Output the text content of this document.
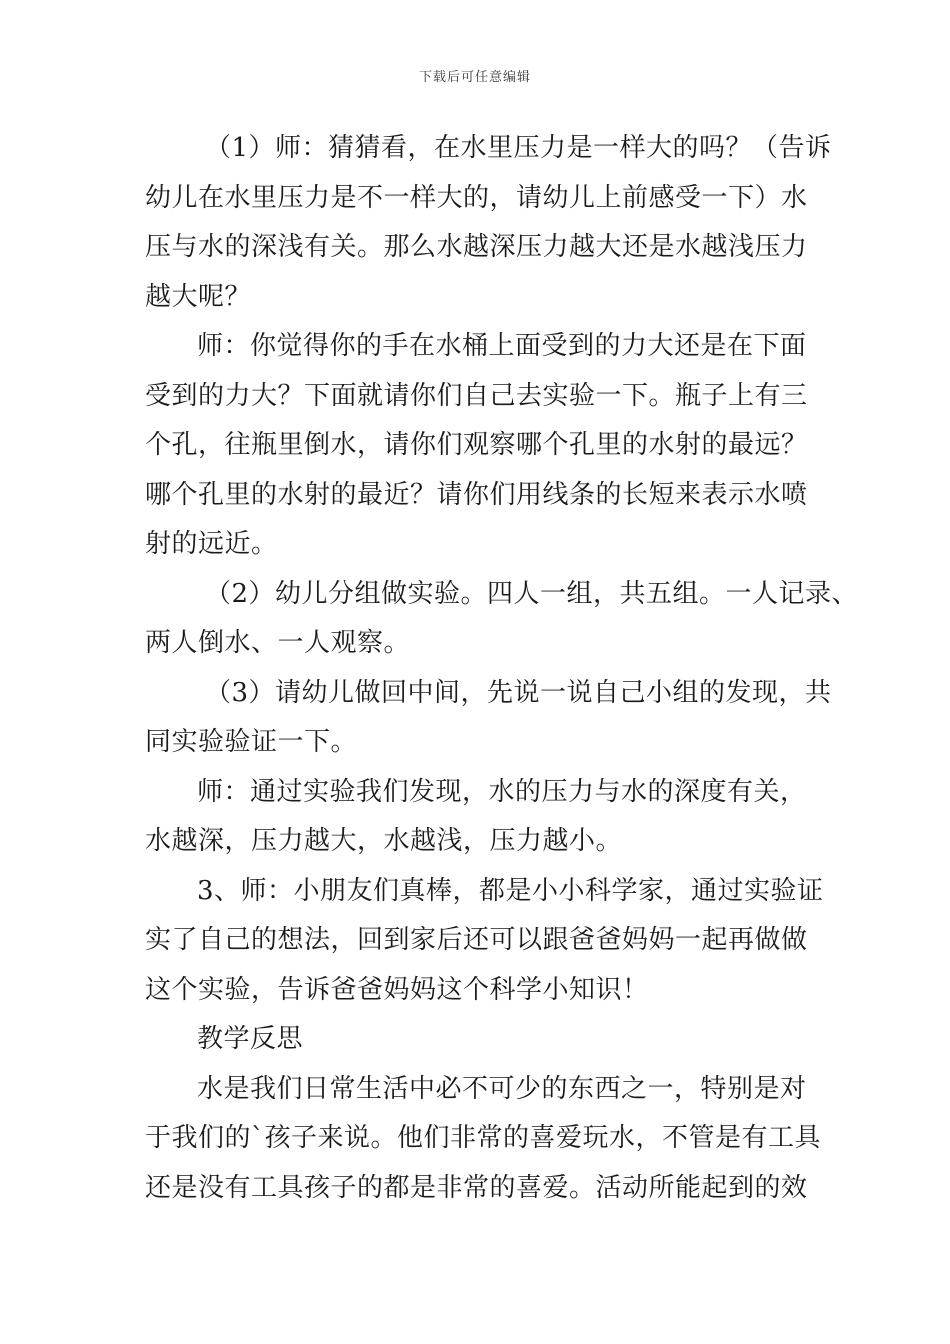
下载后可任意编辑
（1）师：猜猜看，在水里压力是一样大的吗？（告诉
幼儿在水里压力是不一样大的，请幼儿上前感受一下）水
压与水的深浅有关。那么水越深压力越大还是水越浅压力
越大呢？
师：你觉得你的手在水桶上面受到的力大还是在下面
受到的力大？下面就请你们自己去实验一下。瓶子上有三
个孔，往瓶里倒水，请你们观察哪个孔里的水射的最远？
哪个孔里的水射的最近？请你们用线条的长短来表示水喷
射的远近。
（2）幼儿分组做实验。四人一组，共五组。一人记录、
两人倒水、一人观察。
（3）请幼儿做回中间，先说一说自己小组的发现，共
同实验验证一下。
师：通过实验我们发现，水的压力与水的深度有关，
水越深，压力越大，水越浅，压力越小。
3、师：小朋友们真棒，都是小小科学家，通过实验证
实了自己的想法，回到家后还可以跟爸爸妈妈一起再做做
这个实验，告诉爸爸妈妈这个科学小知识！
教学反思
水是我们日常生活中必不可少的东西之一，特别是对
于我们的`孩子来说。他们非常的喜爱玩水，不管是有工具
还是没有工具孩子的都是非常的喜爱。活动所能起到的效
